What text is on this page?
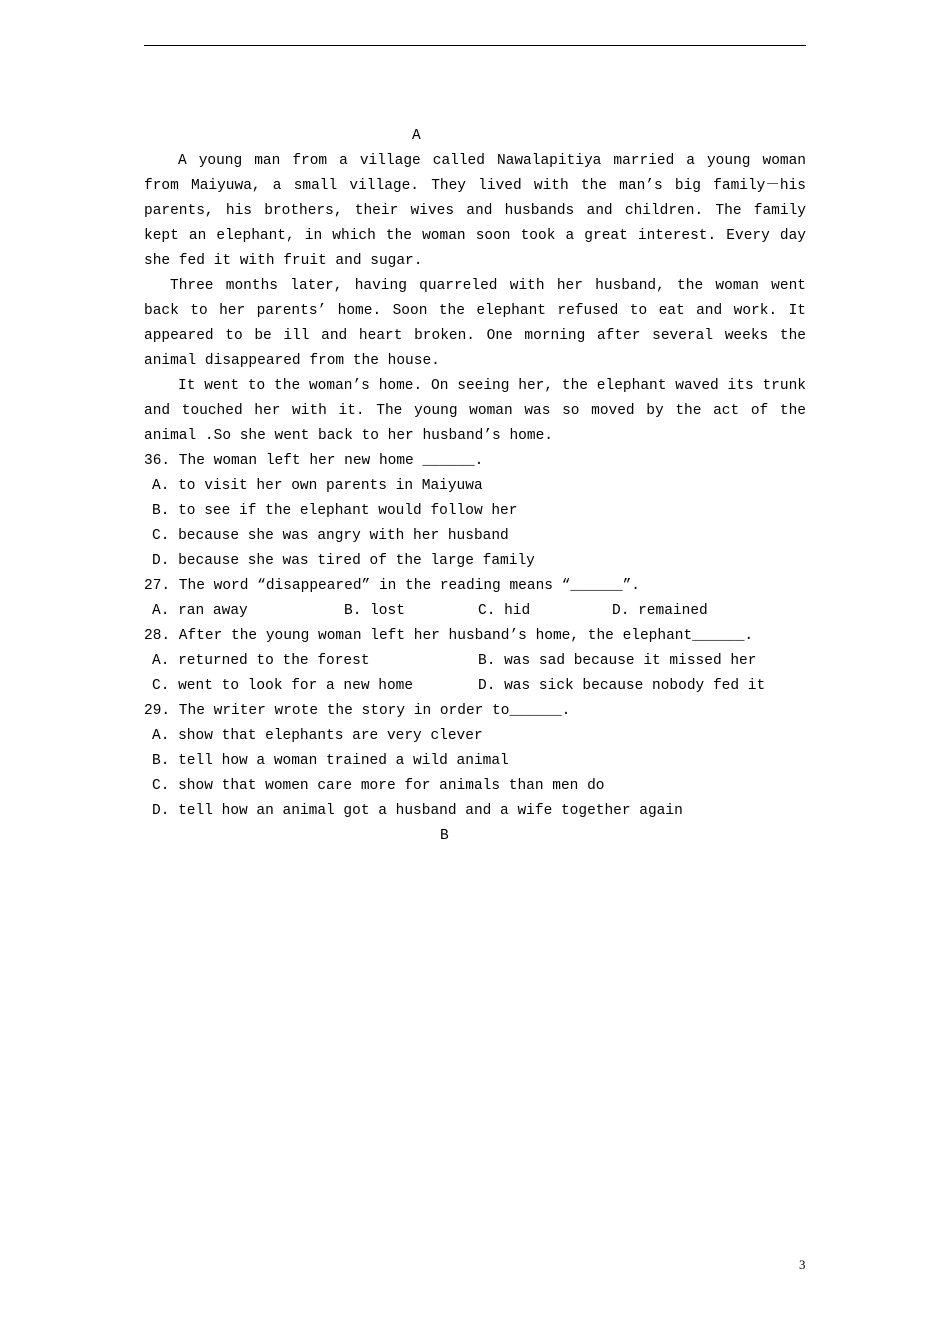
A

A young man from a village called Nawalapitiya married a young woman from Maiyuwa, a small village. They lived with the man’s big family－his parents, his brothers, their wives and husbands and children. The family kept an elephant, in which the woman soon took a great interest. Every day she fed it with fruit and sugar.

Three months later, having quarreled with her husband, the woman went back to her parents’ home. Soon the elephant refused to eat and work. It appeared to be ill and heart broken. One morning after several weeks the animal disappeared from the house.

It went to the woman’s home. On seeing her, the elephant waved its trunk and touched her with it. The young woman was so moved by the act of the animal .So she went back to her husband’s home.

36. The woman left her new home ______.
A. to visit her own parents in Maiyuwa
B. to see if the elephant would follow her
C. because she was angry with her husband
D. because she was tired of the large family
27. The word “disappeared” in the reading means “______”.

A. ran away

	B. lost

	C. hid

	D. remained

28. After the young woman left her husband’s home, the elephant______.

A. returned to the forest

	B. was sad because it missed her

C. went to look for a new home

	D. was sick because nobody fed it

29. The writer wrote the story in order to______.
A. show that elephants are very clever
B. tell how a woman trained a wild animal
C. show that women care more for animals than men do
D. tell how an animal got a husband and a wife together again
B
3
